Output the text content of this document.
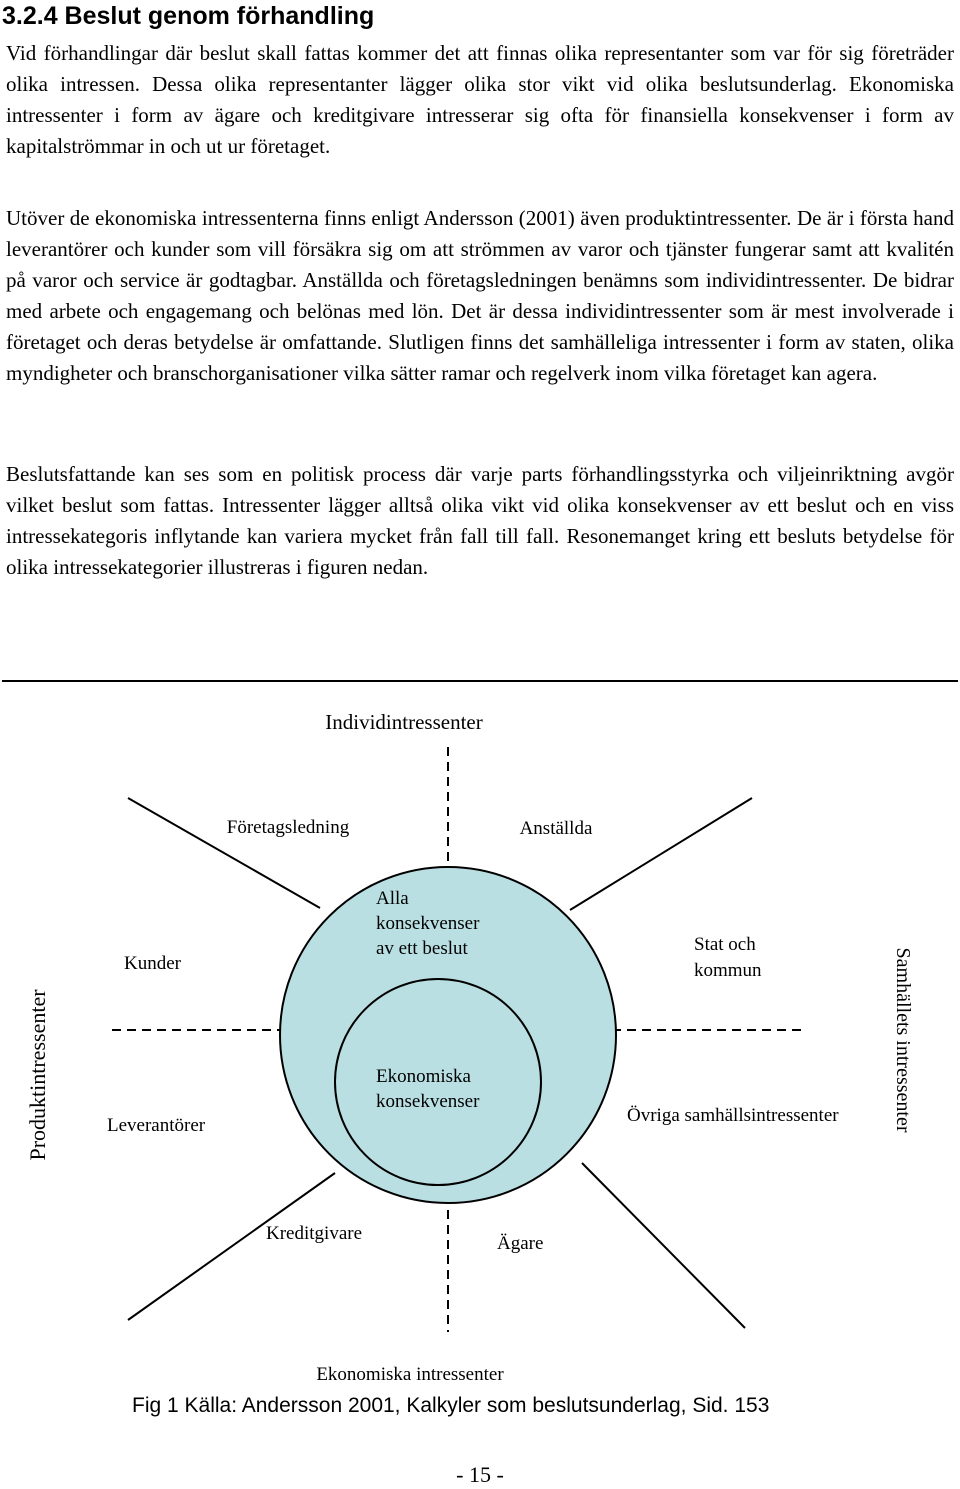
3.2.4 Beslut genom förhandling

Vid förhandlingar där beslut skall fattas kommer det att finnas olika representanter som var för sig företräder olika intressen. Dessa olika representanter lägger olika stor vikt vid olika beslutsunderlag. Ekonomiska intressenter i form av ägare och kreditgivare intresserar sig ofta för finansiella konsekvenser i form av kapitalströmmar in och ut ur företaget.

Utöver de ekonomiska intressenterna finns enligt Andersson (2001) även produktintressenter. De är i första hand leverantörer och kunder som vill försäkra sig om att strömmen av varor och tjänster fungerar samt att kvalitén på varor och service är godtagbar. Anställda och företagsledningen benämns som individintressenter. De bidrar med arbete och engagemang och belönas med lön. Det är dessa individintressenter som är mest involverade i företaget och deras betydelse är omfattande. Slutligen finns det samhälleliga intressenter i form av staten, olika myndigheter och branschorganisationer vilka sätter ramar och regelverk inom vilka företaget kan agera.

Beslutsfattande kan ses som en politisk process där varje parts förhandlingsstyrka och viljeinriktning avgör vilket beslut som fattas. Intressenter lägger alltså olika vikt vid olika konsekvenser av ett beslut och en viss intressekategoris inflytande kan variera mycket från fall till fall. Resonemanget kring ett besluts betydelse för olika intressekategorier illustreras i figuren nedan.

Individintressenter
Företagsledning	Anställda
Alla
konsekvenser
av ett beslut
Ekonomiska
konsekvenser
Kunder
Leverantörer
Stat och
kommun
Övriga samhällsintressenter
Kreditgivare	Ägare
Ekonomiska intressenter
Produktintressenter	Samhällets intressenter

Fig 1 Källa: Andersson 2001, Kalkyler som beslutsunderlag, Sid. 153

- 15 -
